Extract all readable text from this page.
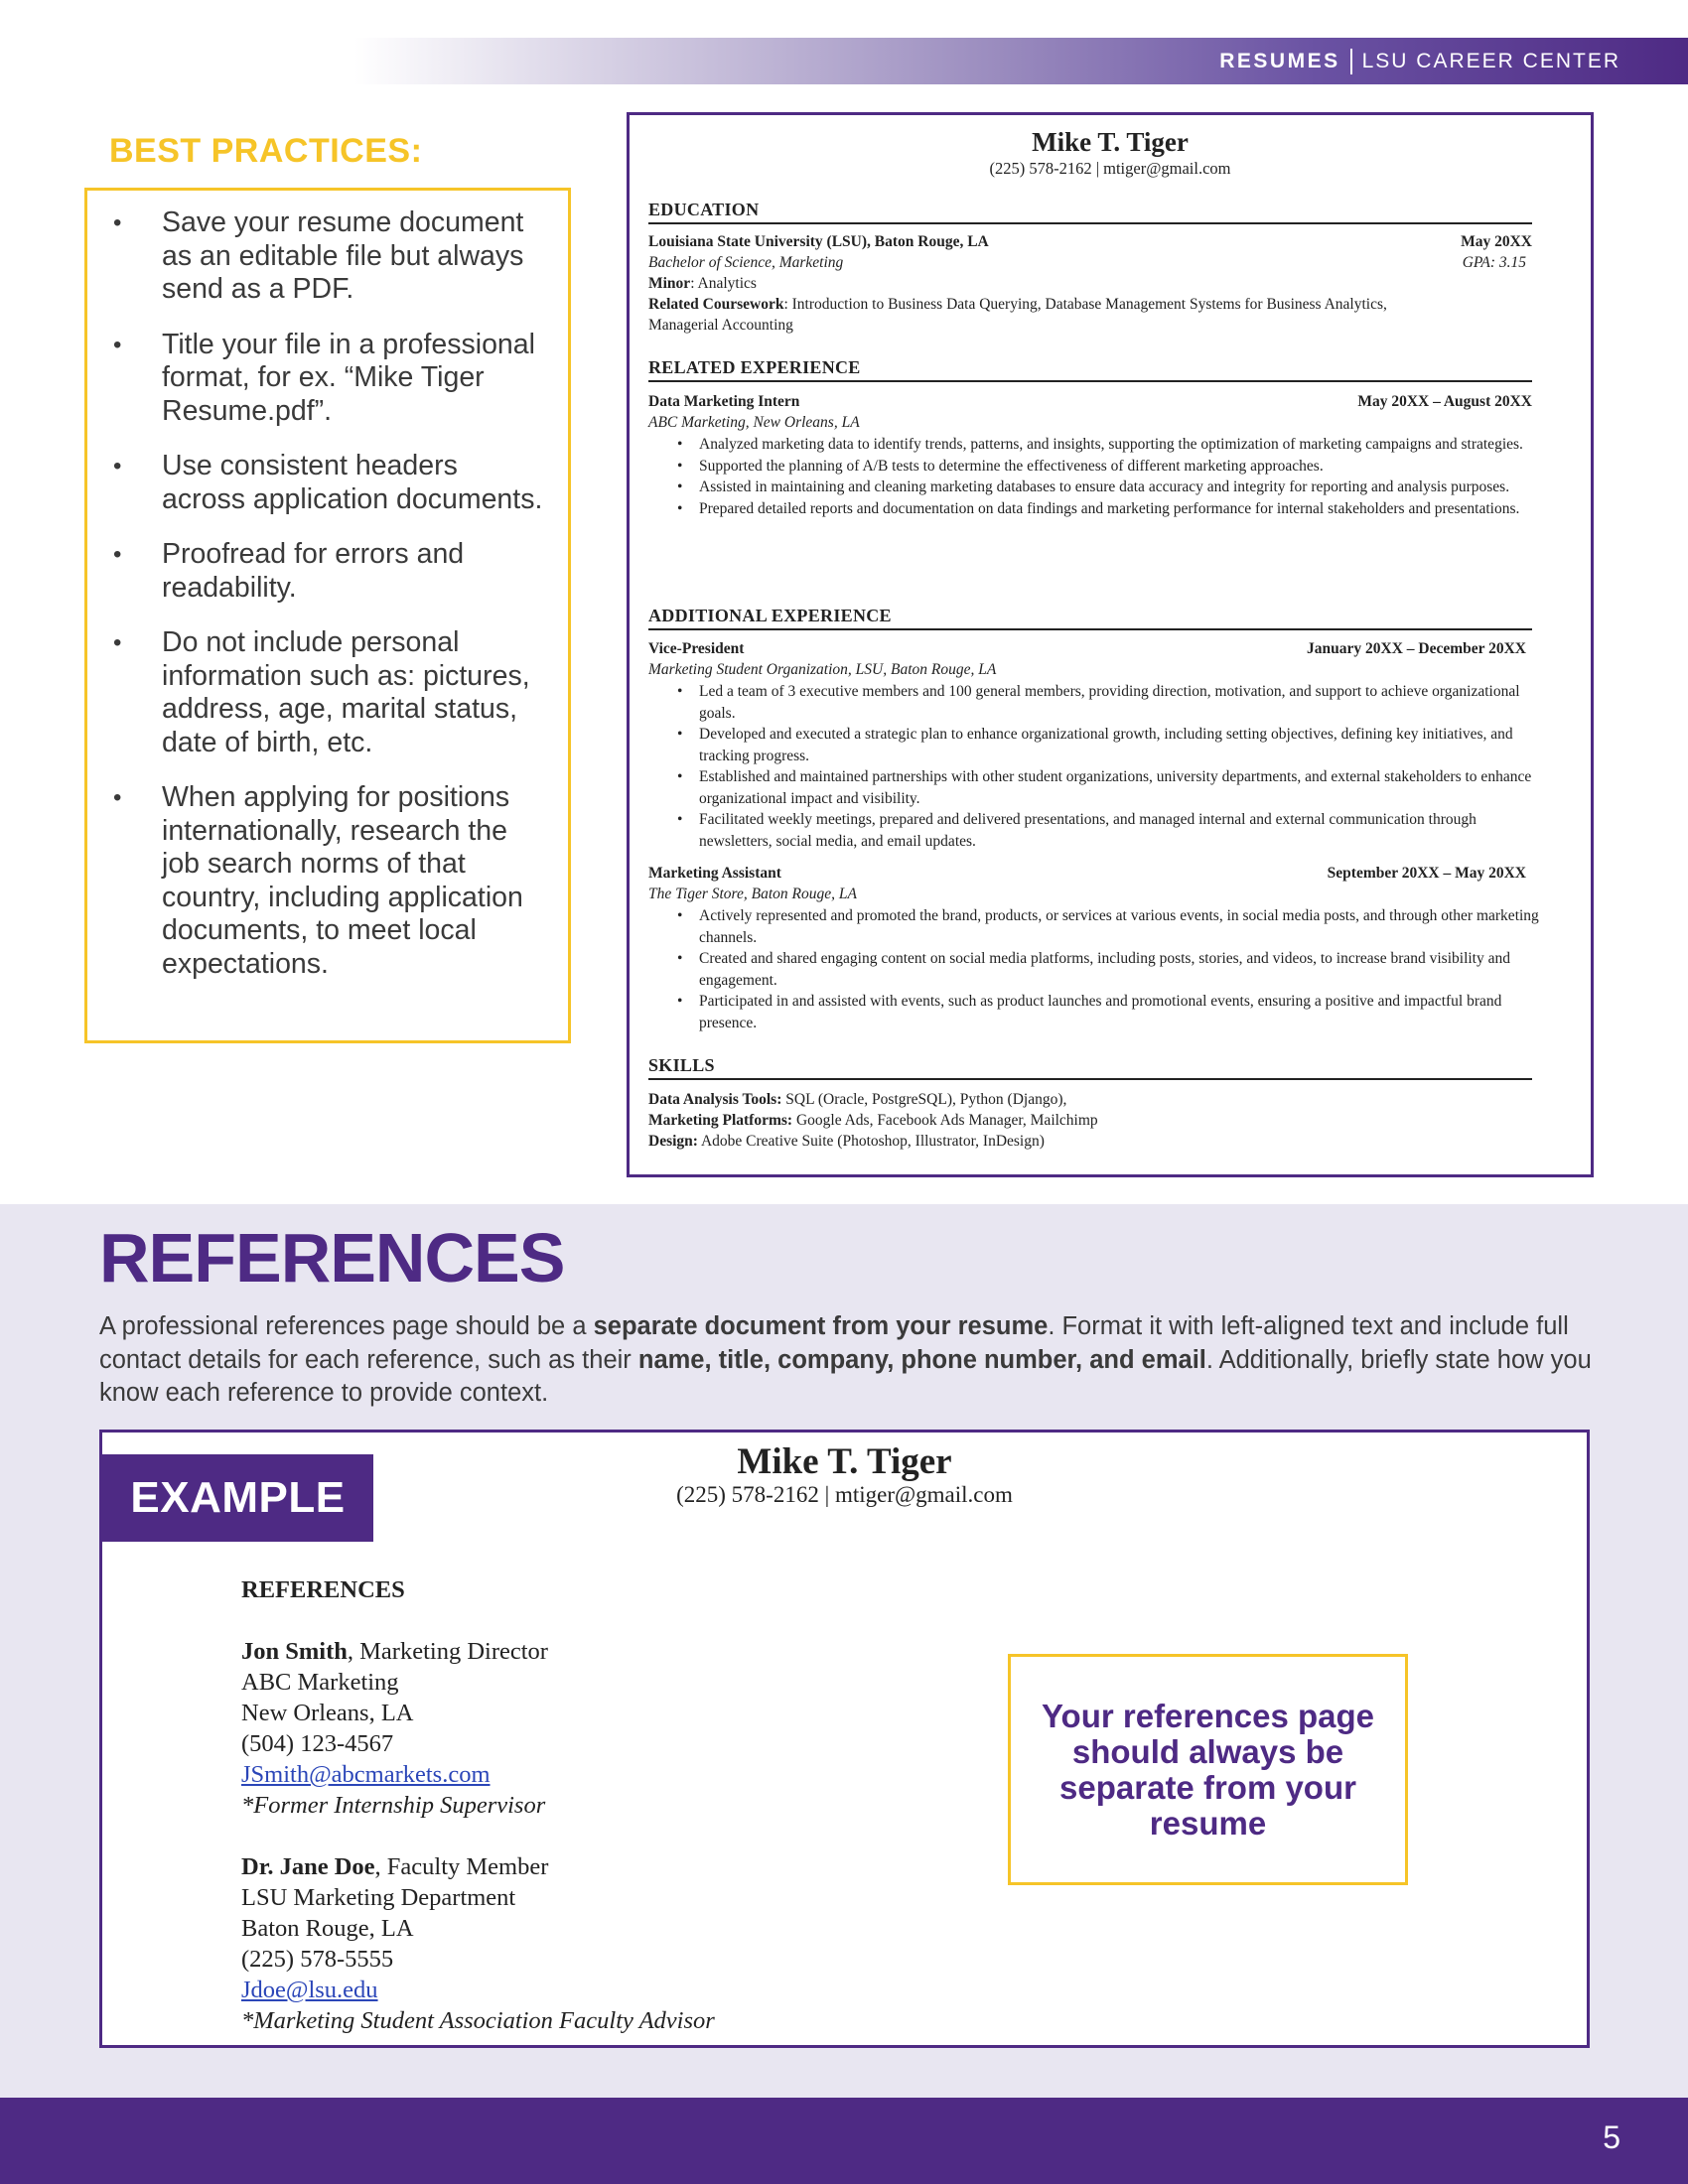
RESUMES LSU CAREER CENTER
BEST PRACTICES:
• Save your resume document as an editable file but always send as a PDF.
• Title your file in a professional format, for ex. “Mike Tiger Resume.pdf”.
• Use consistent headers across application documents.
• Proofread for errors and readability.
• Do not include personal information such as: pictures, address, age, marital status, date of birth, etc.
• When applying for positions internationally, research the job search norms of that country, including application documents, to meet local expectations.
Mike T. Tiger
(225) 578-2162 | mtiger@gmail.com
EDUCATION
Louisiana State University (LSU), Baton Rouge, LA	May 20XX
Bachelor of Science, Marketing	GPA: 3.15
Minor: Analytics
Related Coursework: Introduction to Business Data Querying, Database Management Systems for Business Analytics,
Managerial Accounting
RELATED EXPERIENCE
Data Marketing Intern	May 20XX – August 20XX
ABC Marketing, New Orleans, LA
• Analyzed marketing data to identify trends, patterns, and insights, supporting the optimization of marketing campaigns and strategies.
• Supported the planning of A/B tests to determine the effectiveness of different marketing approaches.
• Assisted in maintaining and cleaning marketing databases to ensure data accuracy and integrity for reporting and analysis purposes.
• Prepared detailed reports and documentation on data findings and marketing performance for internal stakeholders and presentations.
ADDITIONAL EXPERIENCE
Vice-President	January 20XX – December 20XX
Marketing Student Organization, LSU, Baton Rouge, LA
• Led a team of 3 executive members and 100 general members, providing direction, motivation, and support to achieve organizational goals.
• Developed and executed a strategic plan to enhance organizational growth, including setting objectives, defining key initiatives, and tracking progress.
• Established and maintained partnerships with other student organizations, university departments, and external stakeholders to enhance organizational impact and visibility.
• Facilitated weekly meetings, prepared and delivered presentations, and managed internal and external communication through newsletters, social media, and email updates.
Marketing Assistant	September 20XX – May 20XX
The Tiger Store, Baton Rouge, LA
• Actively represented and promoted the brand, products, or services at various events, in social media posts, and through other marketing channels.
• Created and shared engaging content on social media platforms, including posts, stories, and videos, to increase brand visibility and engagement.
• Participated in and assisted with events, such as product launches and promotional events, ensuring a positive and impactful brand presence.
SKILLS
Data Analysis Tools: SQL (Oracle, PostgreSQL), Python (Django),
Marketing Platforms: Google Ads, Facebook Ads Manager, Mailchimp
Design: Adobe Creative Suite (Photoshop, Illustrator, InDesign)
REFERENCES
A professional references page should be a separate document from your resume. Format it with left-aligned text and include full contact details for each reference, such as their name, title, company, phone number, and email. Additionally, briefly state how you know each reference to provide context.
EXAMPLE
Mike T. Tiger
(225) 578-2162 | mtiger@gmail.com
REFERENCES
Jon Smith, Marketing Director
ABC Marketing
New Orleans, LA
(504) 123-4567
JSmith@abcmarkets.com
*Former Internship Supervisor
Dr. Jane Doe, Faculty Member
LSU Marketing Department
Baton Rouge, LA
(225) 578-5555
Jdoe@lsu.edu
*Marketing Student Association Faculty Advisor
Your references page should always be separate from your resume
5
